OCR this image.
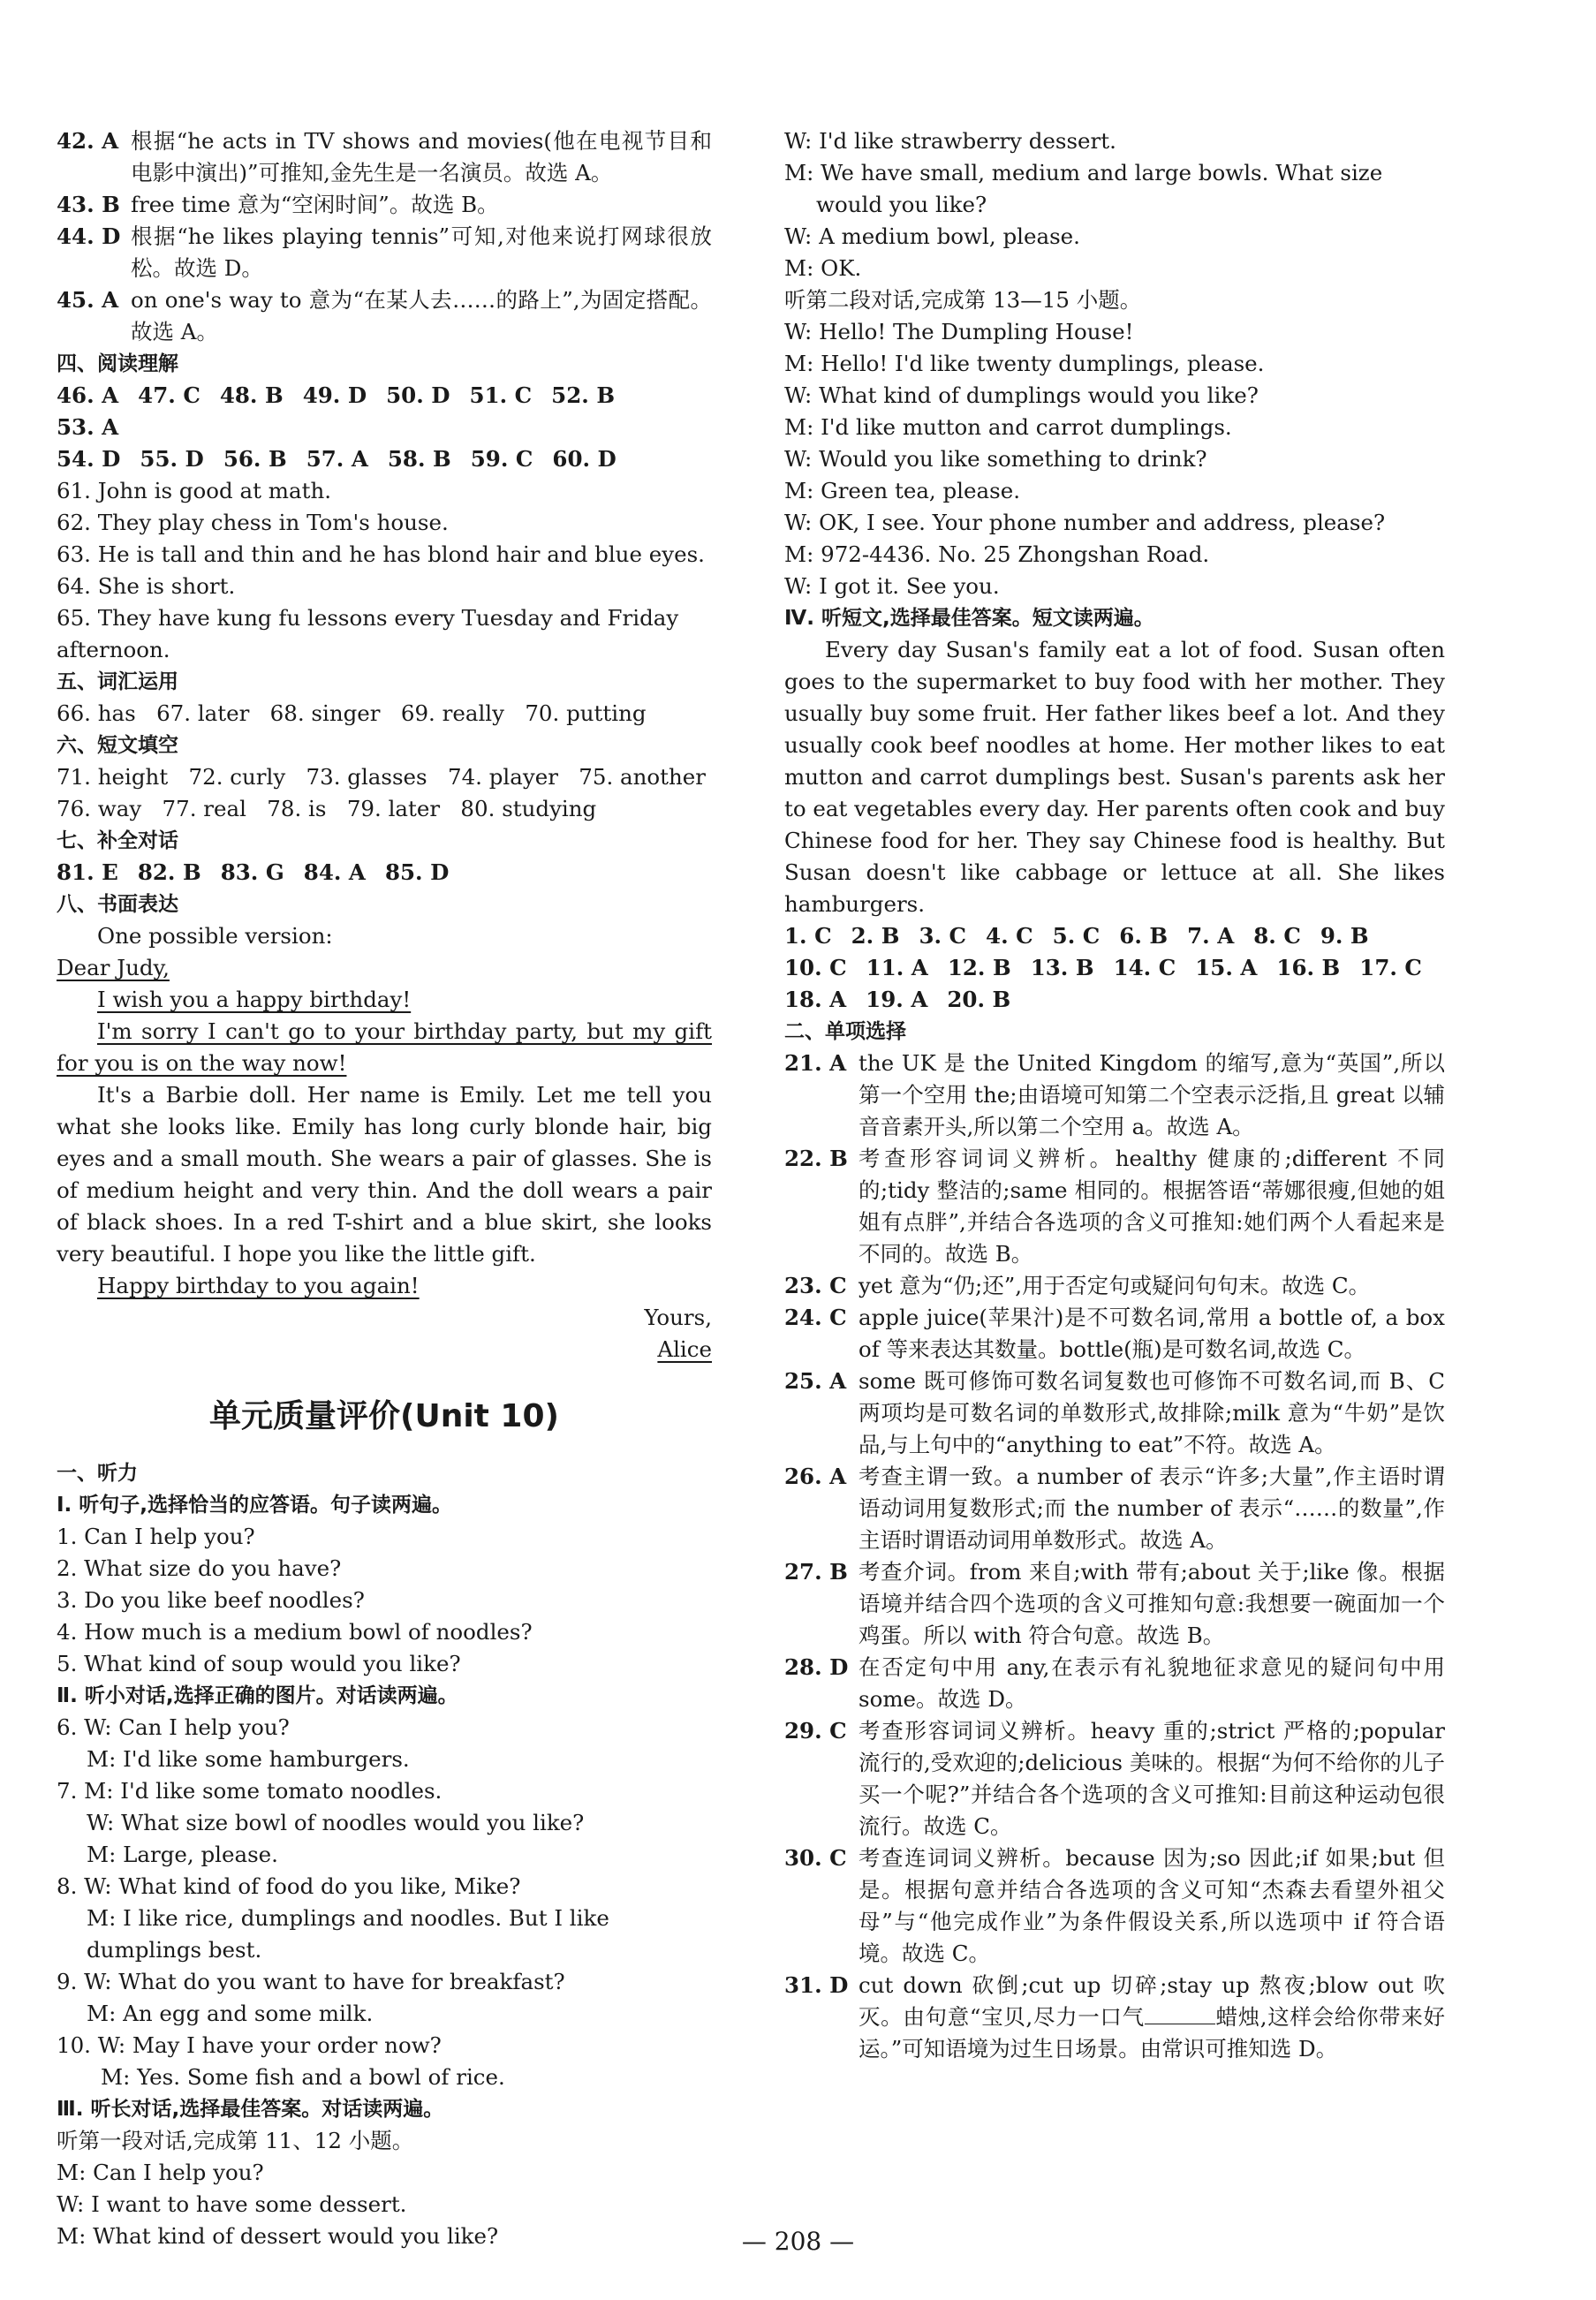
42. A 根据“he acts in TV shows and movies(他在电视节目和电影中演出)”可推知,金先生是一名演员。故选 A。
43. B free time 意为“空闲时间”。故选 B。
44. D 根据“he likes playing tennis”可知,对他来说打网球很放松。故选 D。
45. A on one's way to 意为“在某人去……的路上”,为固定搭配。故选 A。
四、阅读理解
46. A 47. C 48. B 49. D 50. D 51. C 52. B
53. A
54. D 55. D 56. B 57. A 58. B 59. C 60. D
61. John is good at math.
62. They play chess in Tom's house.
63. He is tall and thin and he has blond hair and blue eyes.
64. She is short.
65. They have kung fu lessons every Tuesday and Friday afternoon.
五、词汇运用
66. has   67. later   68. singer   69. really   70. putting
六、短文填空
71. height   72. curly   73. glasses   74. player   75. another
76. way   77. real   78. is   79. later   80. studying
七、补全对话
81. E 82. B 83. G 84. A 85. D
八、书面表达
One possible version:
Dear Judy,
I wish you a happy birthday!
I'm sorry I can't go to your birthday party, but my gift for you is on the way now!
It's a Barbie doll. Her name is Emily. Let me tell you what she looks like. Emily has long curly blonde hair, big eyes and a small mouth. She wears a pair of glasses. She is of medium height and very thin. And the doll wears a pair of black shoes. In a red T-shirt and a blue skirt, she looks very beautiful. I hope you like the little gift.
Happy birthday to you again!
Yours,
Alice
单元质量评价(Unit 10)
一、听力
Ⅰ. 听句子,选择恰当的应答语。句子读两遍。
1. Can I help you?
2. What size do you have?
3. Do you like beef noodles?
4. How much is a medium bowl of noodles?
5. What kind of soup would you like?
Ⅱ. 听小对话,选择正确的图片。对话读两遍。
6. W: Can I help you?
M: I'd like some hamburgers.
7. M: I'd like some tomato noodles.
W: What size bowl of noodles would you like?
M: Large, please.
8. W: What kind of food do you like, Mike?
M: I like rice, dumplings and noodles. But I like dumplings best.
9. W: What do you want to have for breakfast?
M: An egg and some milk.
10. W: May I have your order now?
M: Yes. Some fish and a bowl of rice.
Ⅲ. 听长对话,选择最佳答案。对话读两遍。
听第一段对话,完成第 11、12 小题。
M: Can I help you?
W: I want to have some dessert.
M: What kind of dessert would you like?
W: I'd like strawberry dessert.
M: We have small, medium and large bowls. What size would you like?
W: A medium bowl, please.
M: OK.
听第二段对话,完成第 13—15 小题。
W: Hello! The Dumpling House!
M: Hello! I'd like twenty dumplings, please.
W: What kind of dumplings would you like?
M: I'd like mutton and carrot dumplings.
W: Would you like something to drink?
M: Green tea, please.
W: OK, I see. Your phone number and address, please?
M: 972-4436. No. 25 Zhongshan Road.
W: I got it. See you.
Ⅳ. 听短文,选择最佳答案。短文读两遍。
Every day Susan's family eat a lot of food. Susan often goes to the supermarket to buy food with her mother. They usually buy some fruit. Her father likes beef a lot. And they usually cook beef noodles at home. Her mother likes to eat mutton and carrot dumplings best. Susan's parents ask her to eat vegetables every day. Her parents often cook and buy Chinese food for her. They say Chinese food is healthy. But Susan doesn't like cabbage or lettuce at all. She likes hamburgers.
1. C 2. B 3. C 4. C 5. C 6. B 7. A 8. C 9. B
10. C 11. A 12. B 13. B 14. C 15. A 16. B 17. C
18. A 19. A 20. B
二、单项选择
21. A the UK 是 the United Kingdom 的缩写,意为“英国”,所以第一个空用 the;由语境可知第二个空表示泛指,且 great 以辅音音素开头,所以第二个空用 a。故选 A。
22. B 考查形容词词义辨析。healthy 健康的;different 不同的;tidy 整洁的;same 相同的。根据答语“蒂娜很瘦,但她的姐姐有点胖”,并结合各选项的含义可推知:她们两个人看起来是不同的。故选 B。
23. C yet 意为“仍;还”,用于否定句或疑问句句末。故选 C。
24. C apple juice(苹果汁)是不可数名词,常用 a bottle of, a box of 等来表达其数量。bottle(瓶)是可数名词,故选 C。
25. A some 既可修饰可数名词复数也可修饰不可数名词,而 B、C 两项均是可数名词的单数形式,故排除;milk 意为“牛奶”是饮品,与上句中的“anything to eat”不符。故选 A。
26. A 考查主谓一致。a number of 表示“许多;大量”,作主语时谓语动词用复数形式;而 the number of 表示“……的数量”,作主语时谓语动词用单数形式。故选 A。
27. B 考查介词。from 来自;with 带有;about 关于;like 像。根据语境并结合四个选项的含义可推知句意:我想要一碗面加一个鸡蛋。所以 with 符合句意。故选 B。
28. D 在否定句中用 any,在表示有礼貌地征求意见的疑问句中用 some。故选 D。
29. C 考查形容词词义辨析。heavy 重的;strict 严格的;popular 流行的,受欢迎的;delicious 美味的。根据“为何不给你的儿子买一个呢?”并结合各个选项的含义可推知:目前这种运动包很流行。故选 C。
30. C 考查连词词义辨析。because 因为;so 因此;if 如果;but 但是。根据句意并结合各选项的含义可知“杰森去看望外祖父母”与“他完成作业”为条件假设关系,所以选项中 if 符合语境。故选 C。
31. D cut down 砍倒;cut up 切碎;stay up 熬夜;blow out 吹灭。由句意“宝贝,尽力一口气	蜡烛,这样会给你带来好运。”可知语境为过生日场景。由常识可推知选 D。
— 208 —
